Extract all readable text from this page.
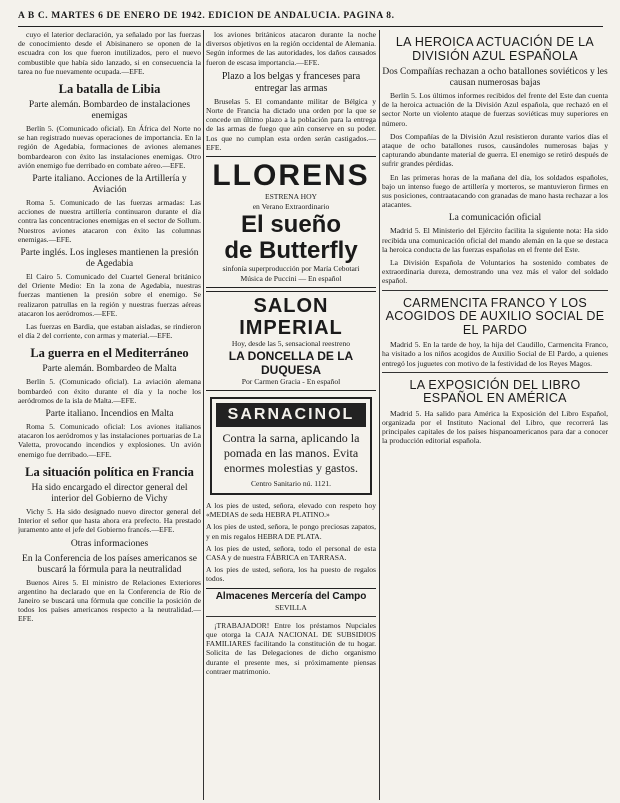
A B C. MARTES 6 DE ENERO DE 1942. EDICION DE ANDALUCIA. PAGINA 8.

cuyo el laterior declaración, ya señalado por las fuerzas de conocimiento desde el Abisinanero se oponen de la escuadra con los que fueron inutilizados, pero el nuevo combustible que había sido lanzado, si en consecuencia la tarea no fue nuevamente ocupada.—EFE.

La batalla de Libia
Parte alemán. Bombardeo de instalaciones enemigas

Berlín 5. (Comunicado oficial). En África del Norte no se han registrado nuevas operaciones de importancia. En la región de Agedabia, formaciones de aviones alemanes bombardearon con éxito las instalaciones enemigas. Otro avión enemigo fue derribado en combate aéreo.—EFE.

Parte italiano. Acciones de la Artillería y Aviación

Roma 5. Comunicado de las fuerzas armadas: Las acciones de nuestra artillería continuaron durante el día contra las concentraciones enemigas en el sector de Sollum. Nuestros aviones atacaron con éxito las columnas enemigas.—EFE.

Parte inglés. Los ingleses mantienen la presión de Agedabia

El Cairo 5. Comunicado del Cuartel General británico del Oriente Medio: En la zona de Agedabia, nuestras fuerzas mantienen la presión sobre el enemigo. Se realizaron patrullas en la región y nuestras fuerzas aéreas atacaron los aeródromos.—EFE.

Las fuerzas en Bardia, que estaban aisladas, se rindieron el día 2 del corriente, con armas y material.—EFE.

La guerra en el Mediterráneo
Parte alemán. Bombardeo de Malta

Berlín 5. (Comunicado oficial). La aviación alemana bombardeó con éxito durante el día y la noche los aeródromos de la isla de Malta.—EFE.

Parte italiano. Incendios en Malta

Roma 5. Comunicado oficial: Los aviones italianos atacaron los aeródromos y las instalaciones portuarias de La Valetta, provocando incendios y explosiones. Un avión enemigo fue derribado.—EFE.

La situación política en Francia
Ha sido encargado el director general del interior del Gobierno de Vichy

Vichy 5. Ha sido designado nuevo director general del Interior el señor que hasta ahora era prefecto. Ha prestado juramento ante el jefe del Gobierno francés.—EFE.

Otras informaciones
En la Conferencia de los países americanos se buscará la fórmula para la neutralidad

Buenos Aires 5. El ministro de Relaciones Exteriores argentino ha declarado que en la Conferencia de Río de Janeiro se buscará una fórmula que concilie la posición de todos los países americanos respecto a la neutralidad.—EFE.

los aviones británicos atacaron durante la noche diversos objetivos en la región occidental de Alemania. Según informes de las autoridades, los daños causados fueron de escasa importancia.—EFE.

Plazo a los belgas y franceses para entregar las armas

Bruselas 5. El comandante militar de Bélgica y Norte de Francia ha dictado una orden por la que se concede un último plazo a la población para la entrega de las armas de fuego que aún conserve en su poder. Los que no cumplan esta orden serán castigados.—EFE.

LLORENS
ESTRENA HOY
en Verano Extraordinario
El sueño
de Butterfly
sinfonía superproducción por María Cebotari
Música de Puccini — En español
SALON IMPERIAL
Hoy, desde las 5, sensacional reestreno
LA DONCELLA DE LA DUQUESA
Por Carmen Gracia - En español
SARNACINOL
Contra la sarna, aplicando la pomada en las manos. Evita enormes molestias y gastos.
Centro Sanitario nú. 1121.
A los pies de usted, señora, elevado con respeto hoy «MEDIAS de seda HEBRA PLATINO.»
A los pies de usted, señora, le pongo preciosas zapatos, y en mis regalos HEBRA DE PLATA.
A los pies de usted, señora, todo el personal de esta CASA y de nuestra FÁBRICA en TARRASA.
A los pies de usted, señora, los ha puesto de regalos todos.
Almacenes Mercería del Campo
SEVILLA

¡TRABAJADOR! Entre los préstamos Nupciales que otorga la CAJA NACIONAL DE SUBSIDIOS FAMILIARES facilitando la constitución de tu hogar. Solicita de las Delegaciones de dicho organismo durante el presente mes, si próximamente piensas contraer matrimonio.

LA HEROICA ACTUACIÓN DE LA DIVISIÓN AZUL ESPAÑOLA
Dos Compañías rechazan a ocho batallones soviéticos y les causan numerosas bajas

Berlín 5. Los últimos informes recibidos del frente del Este dan cuenta de la heroica actuación de la División Azul española, que rechazó en el sector Norte un violento ataque de fuerzas soviéticas muy superiores en número.

Dos Compañías de la División Azul resistieron durante varios días el ataque de ocho batallones rusos, causándoles numerosas bajas y capturando abundante material de guerra. El enemigo se retiró después de sufrir grandes pérdidas.

En las primeras horas de la mañana del día, los soldados españoles, bajo un intenso fuego de artillería y morteros, se mantuvieron firmes en sus posiciones, contraatacando con granadas de mano hasta rechazar a los atacantes.

La comunicación oficial

Madrid 5. El Ministerio del Ejército facilita la siguiente nota: Ha sido recibida una comunicación oficial del mando alemán en la que se destaca la heroica conducta de las fuerzas españolas en el frente del Este.

La División Española de Voluntarios ha sostenido combates de extraordinaria dureza, demostrando una vez más el valor del soldado español.

CARMENCITA FRANCO Y LOS ACOGIDOS DE AUXILIO SOCIAL DE EL PARDO

Madrid 5. En la tarde de hoy, la hija del Caudillo, Carmencita Franco, ha visitado a los niños acogidos de Auxilio Social de El Pardo, a quienes entregó los juguetes con motivo de la festividad de los Reyes Magos.

LA EXPOSICIÓN DEL LIBRO ESPAÑOL EN AMÉRICA

Madrid 5. Ha salido para América la Exposición del Libro Español, organizada por el Instituto Nacional del Libro, que recorrerá las principales capitales de los países hispanoamericanos para dar a conocer la producción editorial española.
